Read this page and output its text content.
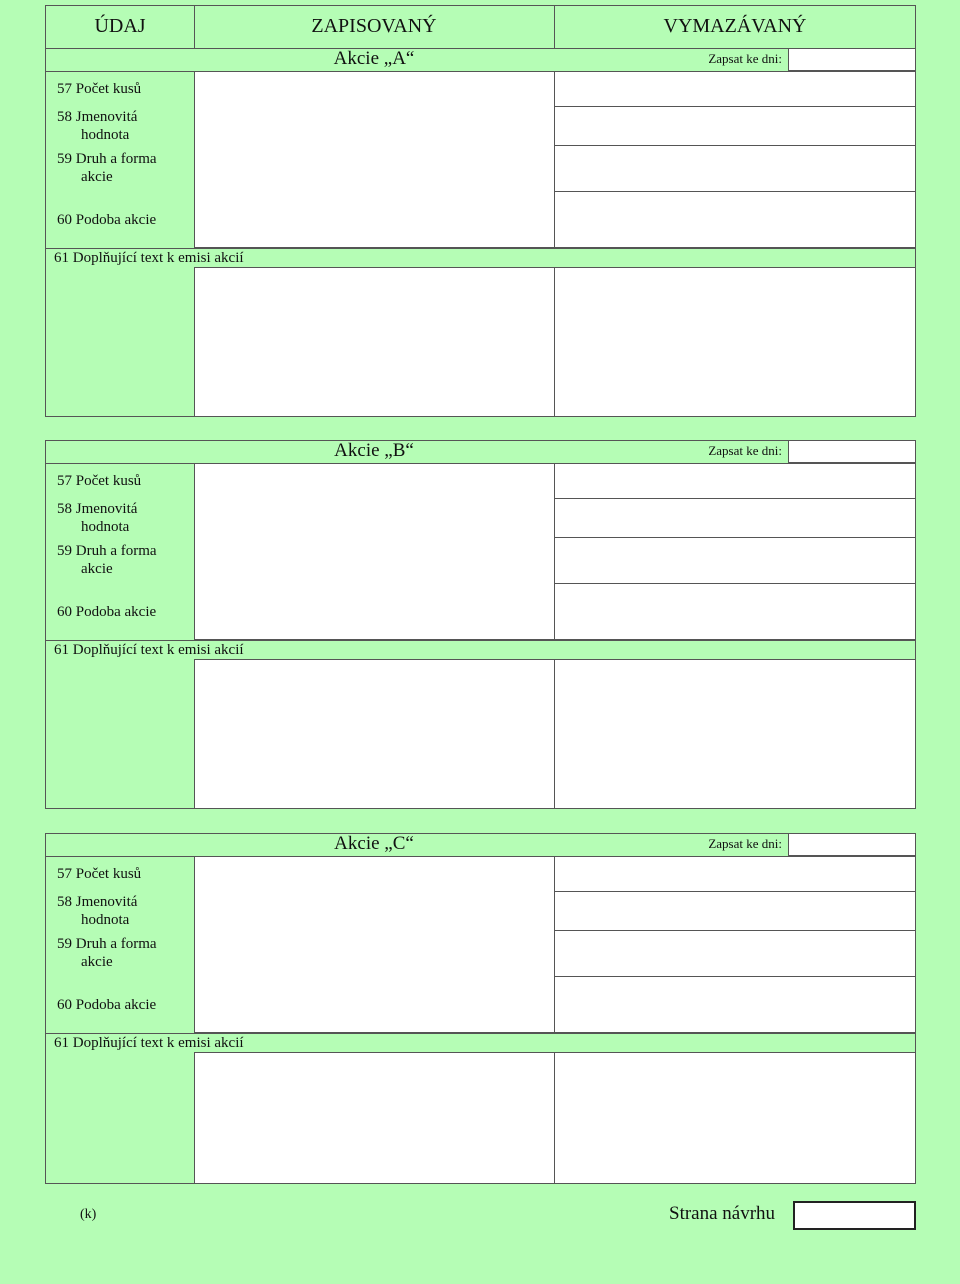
ÚDAJ	ZAPISOVANÝ	VYMAZÁVANÝ
Akcie „A“	Zapsat ke dni:
57 Počet kusů
58 Jmenovitá
hodnota
59 Druh a forma
akcie
60 Podoba akcie
61 Doplňující text k emisi akcií
Akcie „B“	Zapsat ke dni:
57 Počet kusů
58 Jmenovitá
hodnota
59 Druh a forma
akcie
60 Podoba akcie
61 Doplňující text k emisi akcií
Akcie „C“	Zapsat ke dni:
57 Počet kusů
58 Jmenovitá
hodnota
59 Druh a forma
akcie
60 Podoba akcie
61 Doplňující text k emisi akcií
(k)	Strana návrhu
